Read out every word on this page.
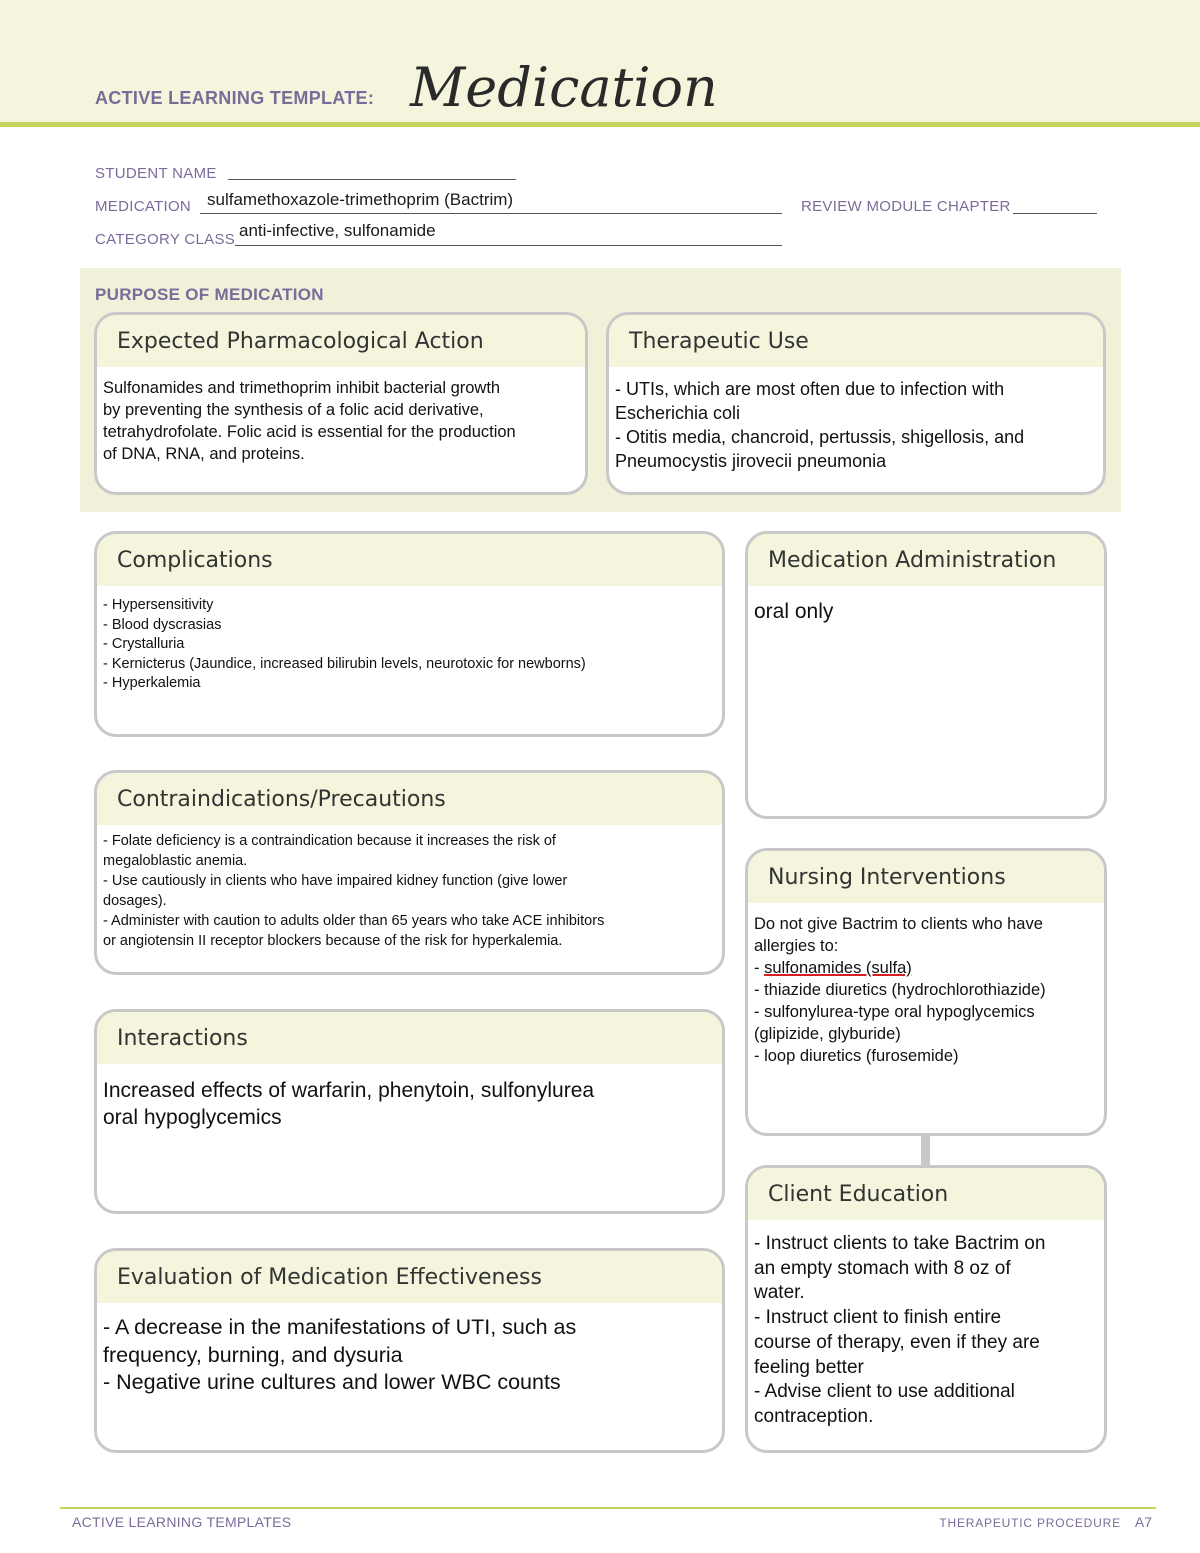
ACTIVE LEARNING TEMPLATE: Medication
STUDENT NAME
MEDICATION sulfamethoxazole-trimethoprim (Bactrim)	REVIEW MODULE CHAPTER
CATEGORY CLASS anti-infective, sulfonamide
PURPOSE OF MEDICATION
Expected Pharmacological Action

Sulfonamides and trimethoprim inhibit bacterial growth

by preventing the synthesis of a folic acid derivative,

tetrahydrofolate. Folic acid is essential for the production

of DNA, RNA, and proteins.

Therapeutic Use

- UTIs, which are most often due to infection with

Escherichia coli

- Otitis media, chancroid, pertussis, shigellosis, and

Pneumocystis jirovecii pneumonia

Complications

- Hypersensitivity

- Blood dyscrasias

- Crystalluria

- Kernicterus (Jaundice, increased bilirubin levels, neurotoxic for newborns)

- Hyperkalemia

Medication Administration

oral only

Contraindications/Precautions

- Folate deficiency is a contraindication because it increases the risk of

megaloblastic anemia.

- Use cautiously in clients who have impaired kidney function (give lower

dosages).

- Administer with caution to adults older than 65 years who take ACE inhibitors

or angiotensin II receptor blockers because of the risk for hyperkalemia.

Nursing Interventions

Do not give Bactrim to clients who have

allergies to:

- sulfonamides (sulfa)

- thiazide diuretics (hydrochlorothiazide)

- sulfonylurea-type oral hypoglycemics

(glipizide, glyburide)

- loop diuretics (furosemide)

Interactions

Increased effects of warfarin, phenytoin, sulfonylurea

oral hypoglycemics

Client Education

- Instruct clients to take Bactrim on

an empty stomach with 8 oz of

water.

- Instruct client to finish entire

course of therapy, even if they are

feeling better

- Advise client to use additional

contraception.

Evaluation of Medication Effectiveness

- A decrease in the manifestations of UTI, such as

frequency, burning, and dysuria

- Negative urine cultures and lower WBC counts

ACTIVE LEARNING TEMPLATES	THERAPEUTIC PROCEDURE A7
